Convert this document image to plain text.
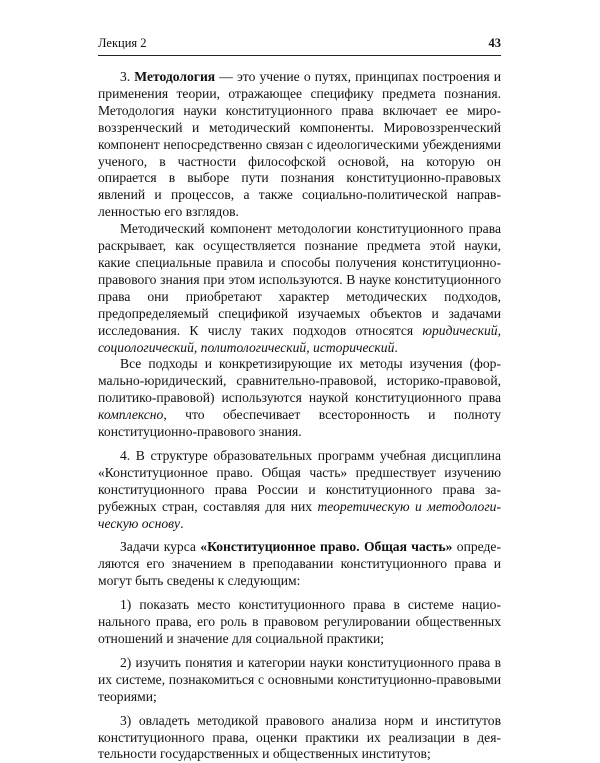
Лекция 2	43

3. Методология — это учение о путях, принципах построения и применения теории, отражающее специфику предмета познания. Методология науки конституционного права включает ее мировоззренческий и методический компоненты. Мировоззренческий компонент непосредственно связан с идеологическими убеждениями ученого, в частности философской основой, на которую он опирается в выборе пути познания конституционно-правовых явлений и процессов, а также социально-политической направленностью его взглядов.

Методический компонент методологии конституционного права раскрывает, как осуществляется познание предмета этой науки, какие специальные правила и способы получения конституционно-правового знания при этом используются. В науке конституционного права они приобретают характер методических подходов, предопределяемый спецификой изучаемых объектов и задачами исследования. К числу таких подходов относятся юридический, социологический, политологический, исторический.

Все подходы и конкретизирующие их методы изучения (формально-юридический, сравнительно-правовой, историко-правовой, политико-правовой) используются наукой конституционного права комплексно, что обеспечивает всесторонность и полноту конституционно-правового знания.

4. В структуре образовательных программ учебная дисциплина «Конституционное право. Общая часть» предшествует изучению конституционного права России и конституционного права зарубежных стран, составляя для них теоретическую и методологическую основу.

Задачи курса «Конституционное право. Общая часть» определяются его значением в преподавании конституционного права и могут быть сведены к следующим:

1) показать место конституционного права в системе национального права, его роль в правовом регулировании общественных отношений и значение для социальной практики;

2) изучить понятия и категории науки конституционного права в их системе, познакомиться с основными конституционно-правовыми теориями;

3) овладеть методикой правового анализа норм и институтов конституционного права, оценки практики их реализации в деятельности государственных и общественных институтов;
